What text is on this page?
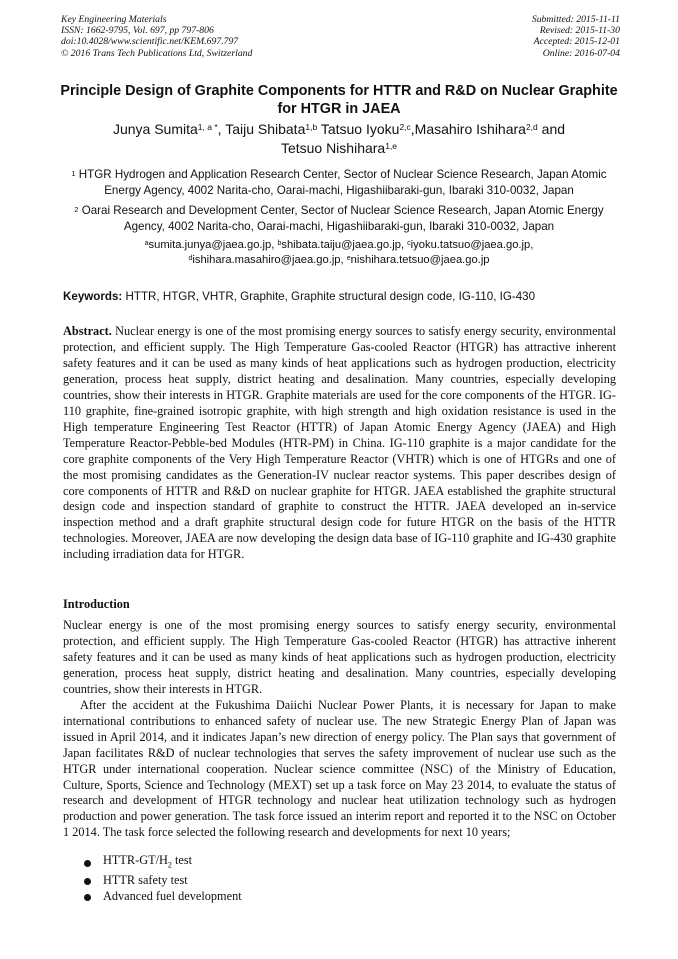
Key Engineering Materials
ISSN: 1662-9795, Vol. 697, pp 797-806
doi:10.4028/www.scientific.net/KEM.697.797
© 2016 Trans Tech Publications Ltd, Switzerland
Submitted: 2015-11-11
Revised: 2015-11-30
Accepted: 2015-12-01
Online: 2016-07-04
Principle Design of Graphite Components for HTTR and R&D on Nuclear Graphite for HTGR in JAEA
Junya Sumita$^{1, a *}$, Taiju Shibata$^{1,b}$ Tatsuo Iyoku$^{2,c}$,Masahiro Ishihara$^{2,d}$ and
Tetsuo Nishihara$^{1,e}$
$^1$ HTGR Hydrogen and Application Research Center, Sector of Nuclear Science Research, Japan Atomic Energy Agency, 4002 Narita-cho, Oarai-machi, Higashiibaraki-gun, Ibaraki 310-0032, Japan
$^2$ Oarai Research and Development Center, Sector of Nuclear Science Research, Japan Atomic Energy Agency, 4002 Narita-cho, Oarai-machi, Higashiibaraki-gun, Ibaraki 310-0032, Japan
$^a$sumita.junya@jaea.go.jp, $^b$shibata.taiju@jaea.go.jp, $^c$iyoku.tatsuo@jaea.go.jp,
$^d$ishihara.masahiro@jaea.go.jp, $^e$nishihara.tetsuo@jaea.go.jp
Keywords: HTTR, HTGR, VHTR, Graphite, Graphite structural design code, IG-110, IG-430
Abstract. Nuclear energy is one of the most promising energy sources to satisfy energy security, environmental protection, and efficient supply. The High Temperature Gas-cooled Reactor (HTGR) has attractive inherent safety features and it can be used as many kinds of heat applications such as hydrogen production, electricity generation, process heat supply, district heating and desalination. Many countries, especially developing countries, show their interests in HTGR. Graphite materials are used for the core components of the HTGR. IG-110 graphite, fine-grained isotropic graphite, with high strength and high oxidation resistance is used in the High temperature Engineering Test Reactor (HTTR) of Japan Atomic Energy Agency (JAEA) and High Temperature Reactor-Pebble-bed Modules (HTR-PM) in China. IG-110 graphite is a major candidate for the core graphite components of the Very High Temperature Reactor (VHTR) which is one of HTGRs and one of the most promising candidates as the Generation-IV nuclear reactor systems. This paper describes design of core components of HTTR and R&D on nuclear graphite for HTGR. JAEA established the graphite structural design code and inspection standard of graphite to construct the HTTR. JAEA developed an in-service inspection method and a draft graphite structural design code for future HTGR on the basis of the HTTR technologies. Moreover, JAEA are now developing the design data base of IG-110 graphite and IG-430 graphite including irradiation data for HTGR.
Introduction

Nuclear energy is one of the most promising energy sources to satisfy energy security, environmental protection, and efficient supply. The High Temperature Gas-cooled Reactor (HTGR) has attractive inherent safety features and it can be used as many kinds of heat applications such as hydrogen production, electricity generation, process heat supply, district heating and desalination. Many countries, especially developing countries, show their interests in HTGR.

After the accident at the Fukushima Daiichi Nuclear Power Plants, it is necessary for Japan to make international contributions to enhanced safety of nuclear use. The new Strategic Energy Plan of Japan was issued in April 2014, and it indicates Japan’s new direction of energy policy. The Plan says that government of Japan facilitates R&D of nuclear technologies that serves the safety improvement of nuclear use such as the HTGR under international cooperation. Nuclear science committee (NSC) of the Ministry of Education, Culture, Sports, Science and Technology (MEXT) set up a task force on May 23 2014, to evaluate the status of research and development of HTGR technology and nuclear heat utilization technology such as hydrogen production and power generation. The task force issued an interim report and reported it to the NSC on October 1 2014. The task force selected the following research and developments for next 10 years;

HTTR-$GT/H_2$ test
HTTR safety test
Advanced fuel development
